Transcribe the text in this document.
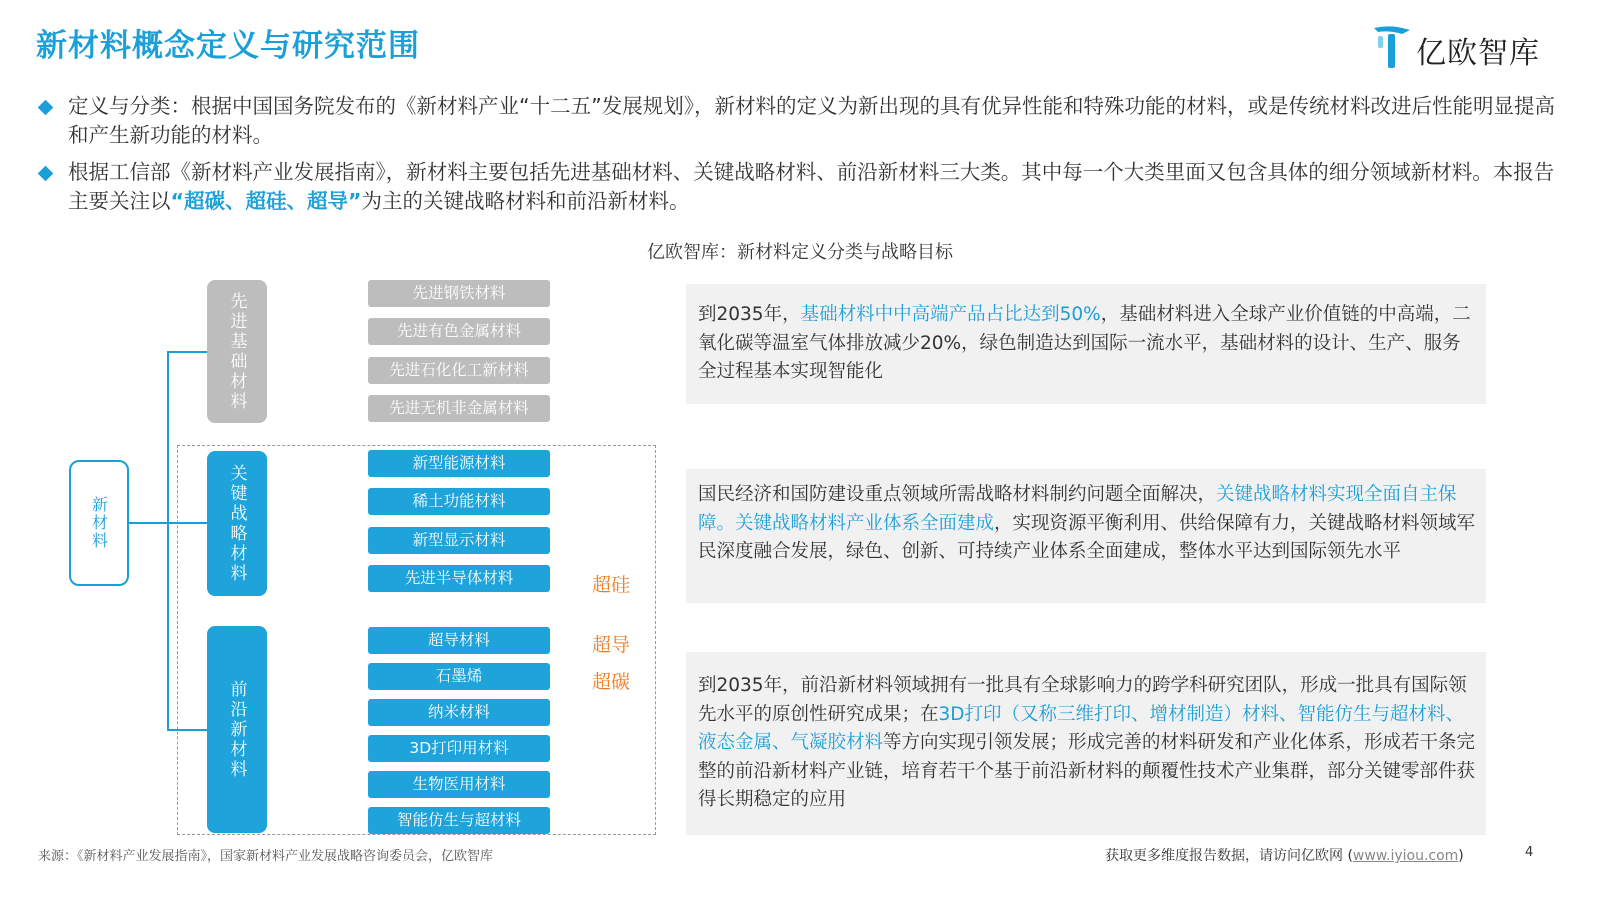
新材料概念定义与研究范围	亿欧智库
定义与分类：根据中国国务院发布的《新材料产业“十二五”发展规划》，新材料的定义为新出现的具有优异性能和特殊功能的材料，或是传统材料改进后性能明显提高和产生新功能的材料。
根据工信部《新材料产业发展指南》，新材料主要包括先进基础材料、关键战略材料、前沿新材料三大类。其中每一个大类里面又包含具体的细分领域新材料。本报告主要关注以“超碳、超硅、超导”为主的关键战略材料和前沿新材料。
亿欧智库：新材料定义分类与战略目标
新材料
先进基础材料
关键战略材料
前沿新材料
先进钢铁材料
先进有色金属材料
先进石化化工新材料
先进无机非金属材料
新型能源材料
稀土功能材料
新型显示材料
先进半导体材料	超硅
超导材料
石墨烯
纳米材料
3D打印用材料
生物医用材料
智能仿生与超材料
超导
超碳
到2035年，基础材料中中高端产品占比达到50%，基础材料进入全球产业价值链的中高端，二氧化碳等温室气体排放减少20%，绿色制造达到国际一流水平，基础材料的设计、生产、服务全过程基本实现智能化
国民经济和国防建设重点领域所需战略材料制约问题全面解决，关键战略材料实现全面自主保障。关键战略材料产业体系全面建成，实现资源平衡利用、供给保障有力，关键战略材料领域军民深度融合发展，绿色、创新、可持续产业体系全面建成，整体水平达到国际领先水平
到2035年，前沿新材料领域拥有一批具有全球影响力的跨学科研究团队，形成一批具有国际领先水平的原创性研究成果；在3D打印（又称三维打印、增材制造）材料、智能仿生与超材料、液态金属、气凝胶材料等方向实现引领发展；形成完善的材料研发和产业化体系，形成若干条完整的前沿新材料产业链，培育若干个基于前沿新材料的颠覆性技术产业集群，部分关键零部件获得长期稳定的应用
来源：《新材料产业发展指南》，国家新材料产业发展战略咨询委员会，亿欧智库	获取更多维度报告数据，请访问亿欧网 (www.iyiou.com)	4
